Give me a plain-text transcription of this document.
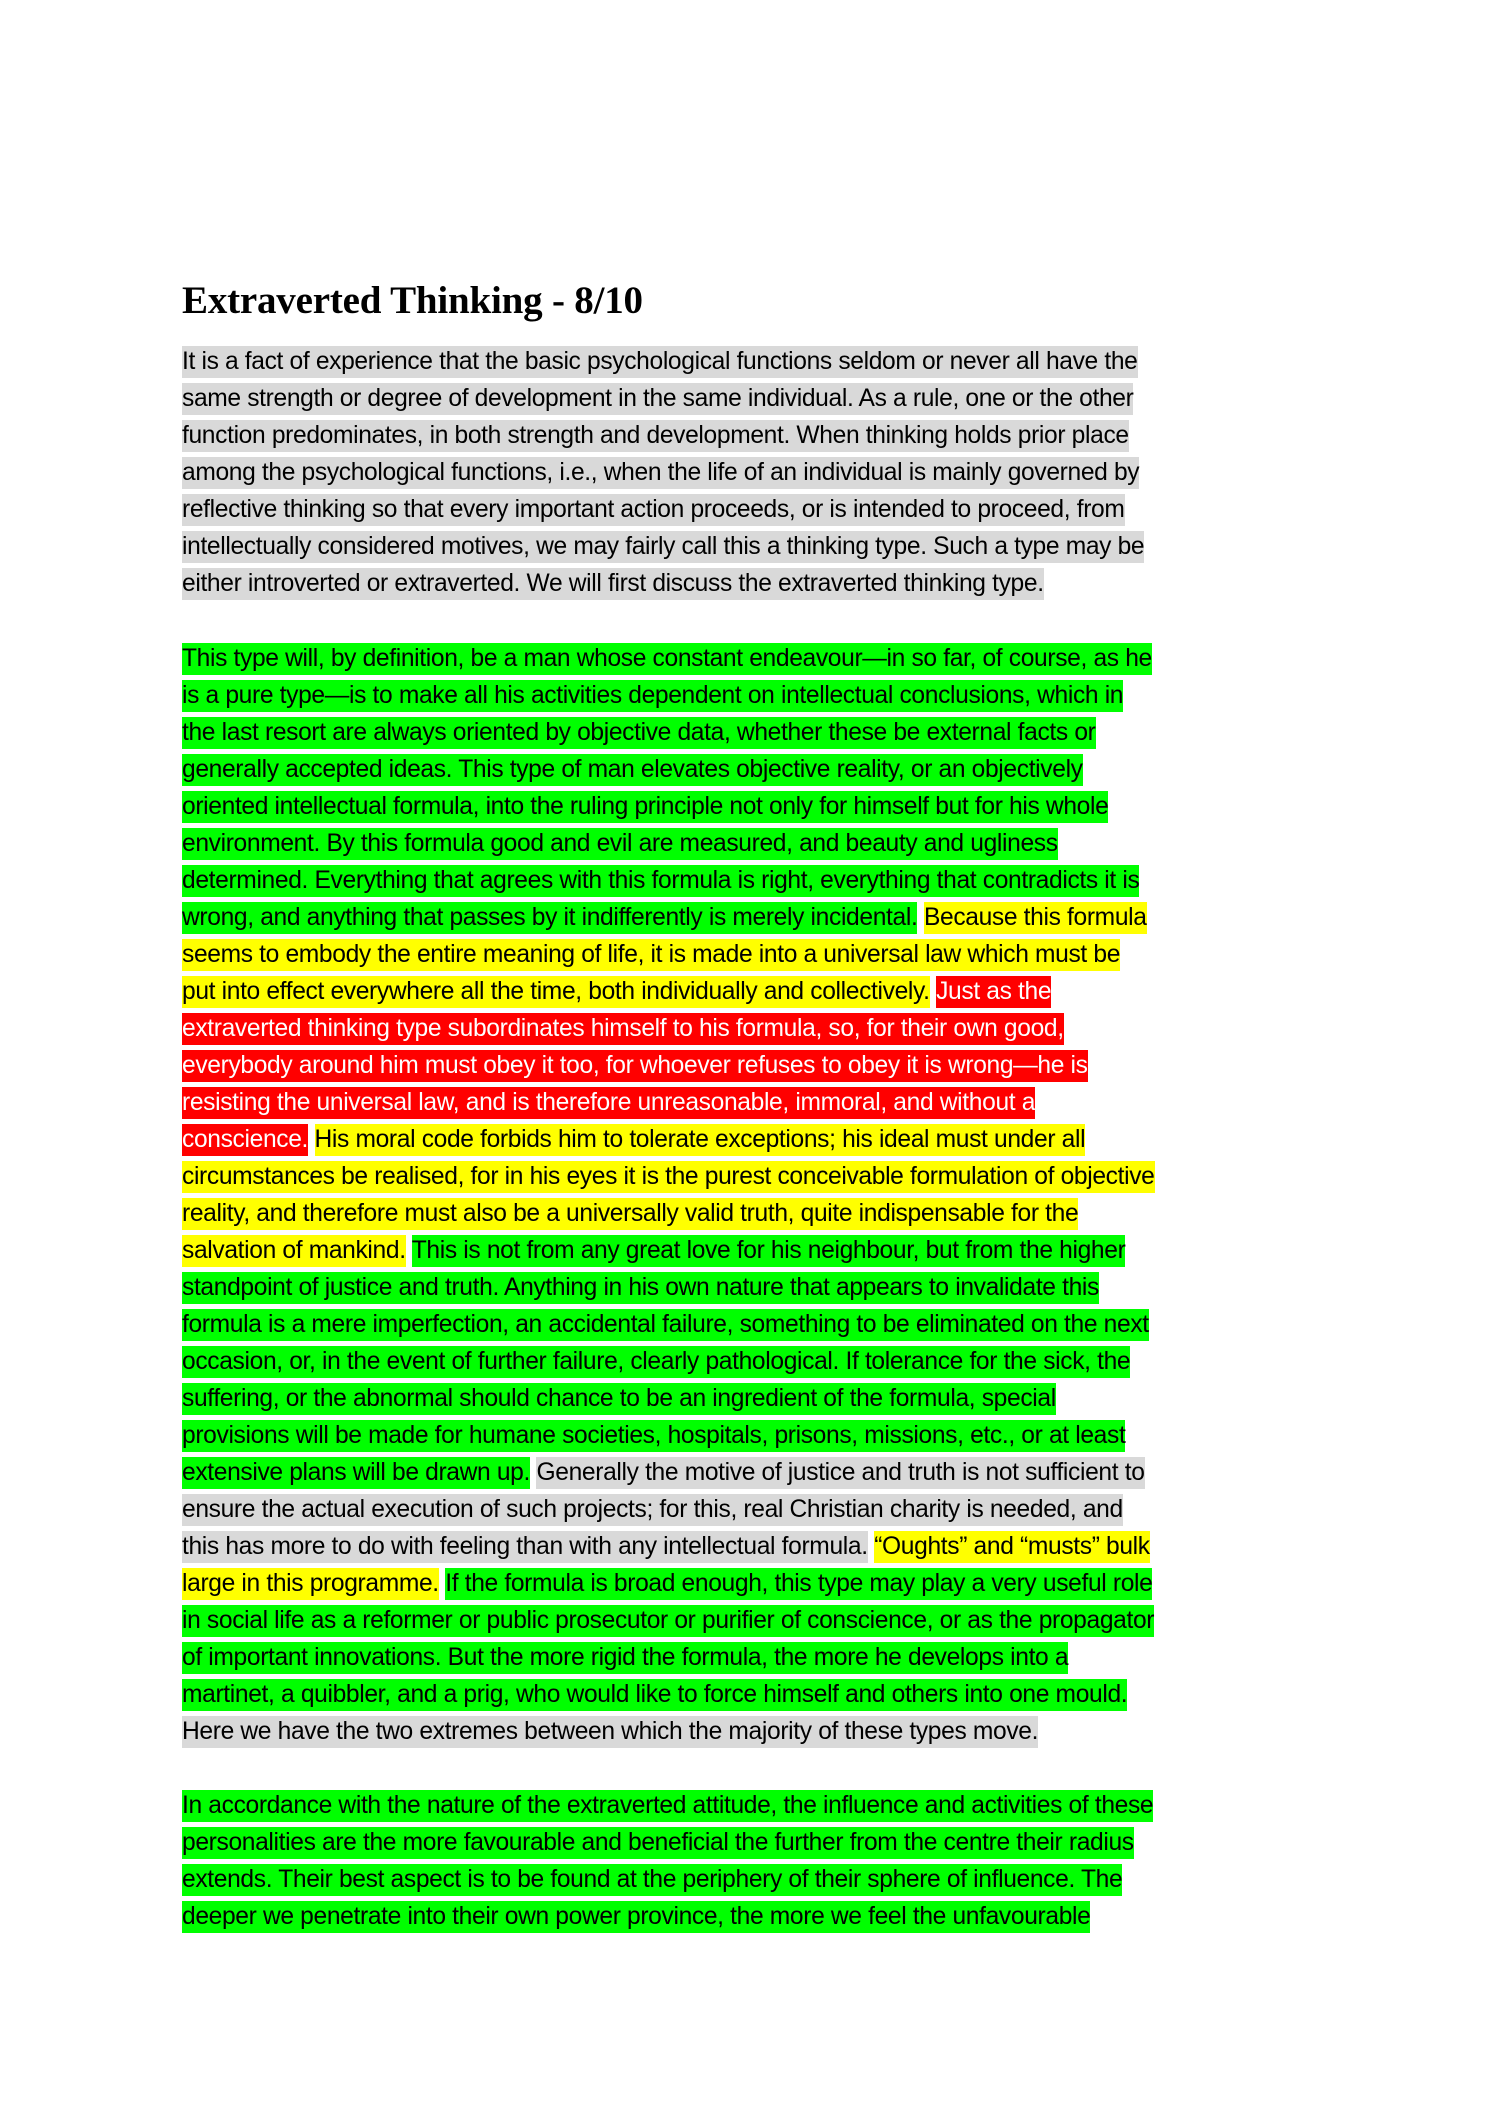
Extraverted Thinking - 8/10
It is a fact of experience that the basic psychological functions seldom or never all have the
same strength or degree of development in the same individual. As a rule, one or the other
function predominates, in both strength and development. When thinking holds prior place
among the psychological functions, i.e., when the life of an individual is mainly governed by
reflective thinking so that every important action proceeds, or is intended to proceed, from
intellectually considered motives, we may fairly call this a thinking type. Such a type may be
either introverted or extraverted. We will first discuss the extraverted thinking type.
This type will, by definition, be a man whose constant endeavour—in so far, of course, as he
is a pure type—is to make all his activities dependent on intellectual conclusions, which in
the last resort are always oriented by objective data, whether these be external facts or
generally accepted ideas. This type of man elevates objective reality, or an objectively
oriented intellectual formula, into the ruling principle not only for himself but for his whole
environment. By this formula good and evil are measured, and beauty and ugliness
determined. Everything that agrees with this formula is right, everything that contradicts it is
wrong, and anything that passes by it indifferently is merely incidental. Because this formula
seems to embody the entire meaning of life, it is made into a universal law which must be
put into effect everywhere all the time, both individually and collectively. Just as the
extraverted thinking type subordinates himself to his formula, so, for their own good,
everybody around him must obey it too, for whoever refuses to obey it is wrong—he is
resisting the universal law, and is therefore unreasonable, immoral, and without a
conscience. His moral code forbids him to tolerate exceptions; his ideal must under all
circumstances be realised, for in his eyes it is the purest conceivable formulation of objective
reality, and therefore must also be a universally valid truth, quite indispensable for the
salvation of mankind. This is not from any great love for his neighbour, but from the higher
standpoint of justice and truth. Anything in his own nature that appears to invalidate this
formula is a mere imperfection, an accidental failure, something to be eliminated on the next
occasion, or, in the event of further failure, clearly pathological. If tolerance for the sick, the
suffering, or the abnormal should chance to be an ingredient of the formula, special
provisions will be made for humane societies, hospitals, prisons, missions, etc., or at least
extensive plans will be drawn up. Generally the motive of justice and truth is not sufficient to
ensure the actual execution of such projects; for this, real Christian charity is needed, and
this has more to do with feeling than with any intellectual formula. “Oughts” and “musts” bulk
large in this programme. If the formula is broad enough, this type may play a very useful role
in social life as a reformer or public prosecutor or purifier of conscience, or as the propagator
of important innovations. But the more rigid the formula, the more he develops into a
martinet, a quibbler, and a prig, who would like to force himself and others into one mould.
Here we have the two extremes between which the majority of these types move.
In accordance with the nature of the extraverted attitude, the influence and activities of these
personalities are the more favourable and beneficial the further from the centre their radius
extends. Their best aspect is to be found at the periphery of their sphere of influence. The
deeper we penetrate into their own power province, the more we feel the unfavourable
